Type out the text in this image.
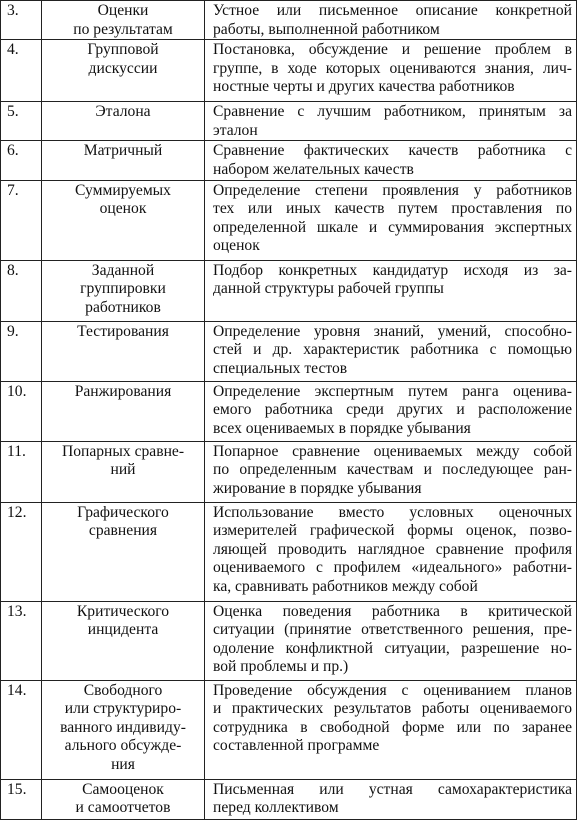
3.	Оценки
по результатам	Устное или письменное описание конкретной
работы, выполненной работником

4.	Групповой
дискуссии	Постановка, обсуждение и решение проблем в
группе, в ходе которых оцениваются знания, лич-
ностные черты и других качества работников

5.	Эталона	Сравнение с лучшим работником, принятым за
эталон

6.	Матричный	Сравнение фактических качеств работника с
набором желательных качеств

7.	Суммируемых
оценок	Определение степени проявления у работников
тех или иных качеств путем проставления по
определенной шкале и суммирования экспертных
оценок

8.	Заданной
группировки
работников	Подбор конкретных кандидатур исходя из за-
данной структуры рабочей группы

9.	Тестирования	Определение уровня знаний, умений, способно-
стей и др. характеристик работника с помощью
специальных тестов

10.	Ранжирования	Определение экспертным путем ранга оценива-
емого работника среди других и расположение
всех оцениваемых в порядке убывания

11.	Попарных сравне-
ний	Попарное сравнение оцениваемых между собой
по определенным качествам и последующее ран-
жирование в порядке убывания

12.	Графического
сравнения	Использование вместо условных оценочных
измерителей графической формы оценок, позво-
ляющей проводить наглядное сравнение профиля
оцениваемого с профилем «идеального» работни-
ка, сравнивать работников между собой

13.	Критического
инцидента	Оценка поведения работника в критической
ситуации (принятие ответственного решения, пре-
одоление конфликтной ситуации, разрешение но-
вой проблемы и пр.)

14.	Свободного
или структуриро-
ванного индивиду-
ального обсужде-
ния	Проведение обсуждения с оцениванием планов
и практических результатов работы оцениваемого
сотрудника в свободной форме или по заранее
составленной программе

15.	Самооценок
и самоотчетов	Письменная или устная самохарактеристика
перед коллективом
